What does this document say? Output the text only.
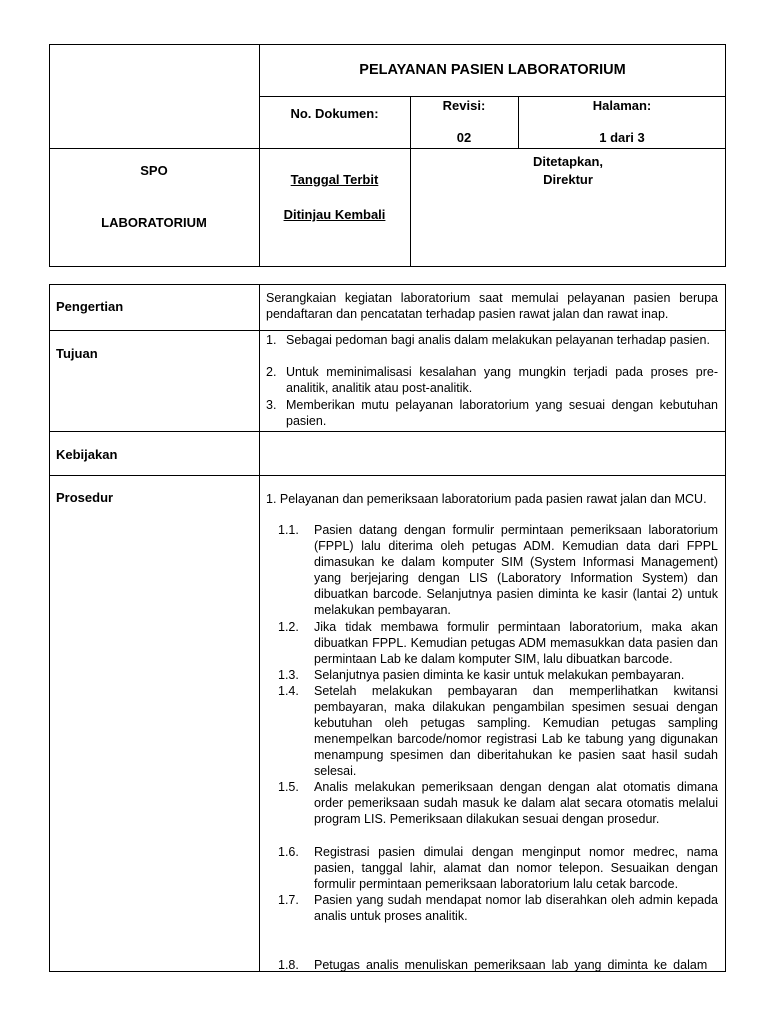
PELAYANAN PASIEN LABORATORIUM
No. Dokumen:
Revisi:
02
Halaman:
1 dari 3
SPO
LABORATORIUM
Tanggal Terbit
Ditinjau Kembali
Ditetapkan,
Direktur
Pengertian
Serangkaian kegiatan laboratorium saat memulai pelayanan pasien berupa pendaftaran dan pencatatan terhadap pasien rawat jalan dan rawat inap.
Tujuan
1. Sebagai pedoman bagi analis dalam melakukan pelayanan terhadap pasien.
2. Untuk meminimalisasi kesalahan yang mungkin terjadi pada proses pre-analitik, analitik atau post-analitik.
3. Memberikan mutu pelayanan laboratorium yang sesuai dengan kebutuhan pasien.
Kebijakan
Prosedur	1. Pelayanan dan pemeriksaan laboratorium pada pasien rawat jalan dan MCU.
1.1. Pasien datang dengan formulir permintaan pemeriksaan laboratorium (FPPL) lalu diterima oleh petugas ADM. Kemudian data dari FPPL dimasukan ke dalam komputer SIM (System Informasi Management) yang berjejaring dengan LIS (Laboratory Information System) dan dibuatkan barcode. Selanjutnya pasien diminta ke kasir (lantai 2) untuk melakukan pembayaran.
1.2. Jika tidak membawa formulir permintaan laboratorium, maka akan dibuatkan FPPL. Kemudian petugas ADM memasukkan data pasien dan permintaan Lab ke dalam komputer SIM, lalu dibuatkan barcode.
1.3. Selanjutnya pasien diminta ke kasir untuk melakukan pembayaran.
1.4. Setelah melakukan pembayaran dan memperlihatkan kwitansi pembayaran, maka dilakukan pengambilan spesimen sesuai dengan kebutuhan oleh petugas sampling. Kemudian petugas sampling menempelkan barcode/nomor registrasi Lab ke tabung yang digunakan menampung spesimen dan diberitahukan ke pasien saat hasil sudah selesai.
1.5. Analis melakukan pemeriksaan dengan dengan alat otomatis dimana order pemeriksaan sudah masuk ke dalam alat secara otomatis melalui program LIS. Pemeriksaan dilakukan sesuai dengan prosedur.
1.6. Registrasi pasien dimulai dengan menginput nomor medrec, nama pasien, tanggal lahir, alamat dan nomor telepon. Sesuaikan dengan formulir permintaan pemeriksaan laboratorium lalu cetak barcode.
1.7. Pasien yang sudah mendapat nomor lab diserahkan oleh admin kepada analis untuk proses analitik.
1.8. Petugas analis menuliskan pemeriksaan lab yang diminta ke dalam
